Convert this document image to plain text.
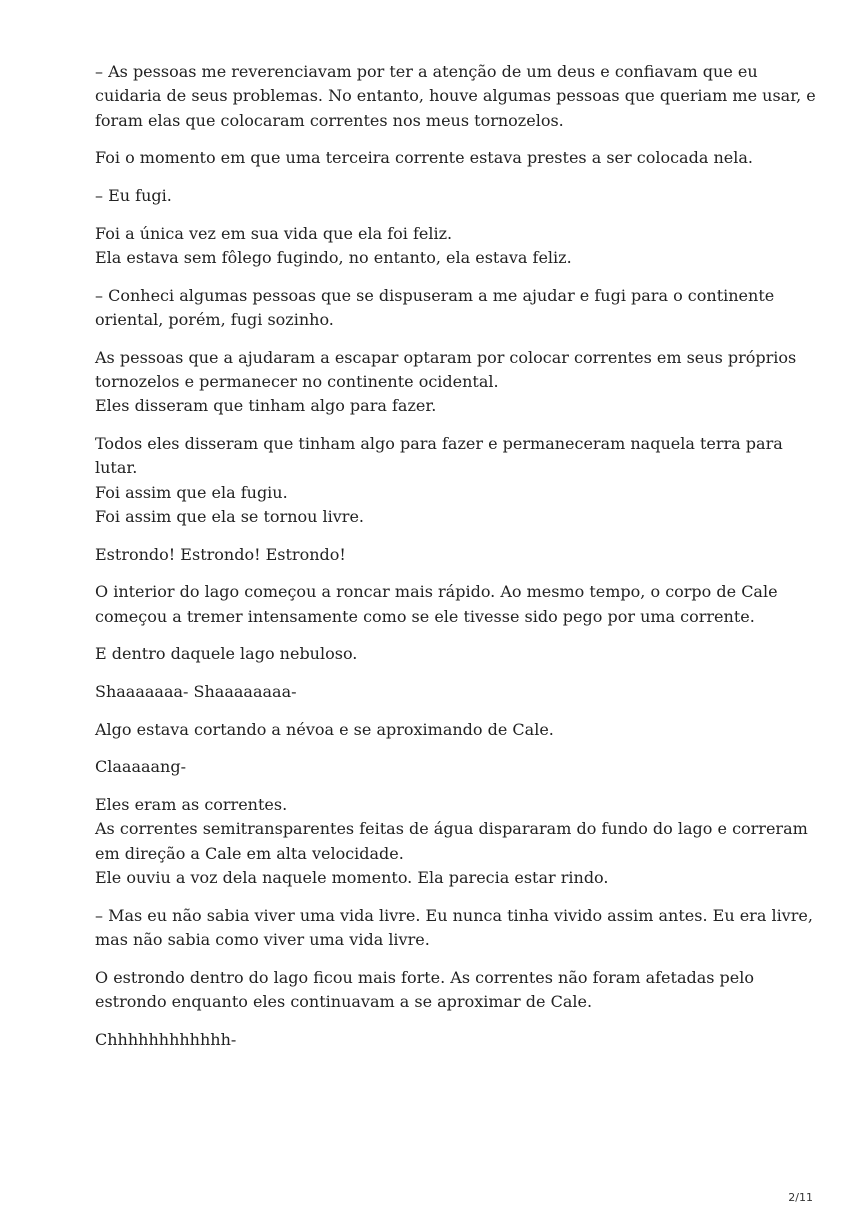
– As pessoas me reverenciavam por ter a atenção de um deus e confiavam que eu
cuidaria de seus problemas. No entanto, houve algumas pessoas que queriam me usar, e
foram elas que colocaram correntes nos meus tornozelos.

Foi o momento em que uma terceira corrente estava prestes a ser colocada nela.

– Eu fugi.

Foi a única vez em sua vida que ela foi feliz.
Ela estava sem fôlego fugindo, no entanto, ela estava feliz.

– Conheci algumas pessoas que se dispuseram a me ajudar e fugi para o continente
oriental, porém, fugi sozinho.

As pessoas que a ajudaram a escapar optaram por colocar correntes em seus próprios
tornozelos e permanecer no continente ocidental.
Eles disseram que tinham algo para fazer.

Todos eles disseram que tinham algo para fazer e permaneceram naquela terra para
lutar.
Foi assim que ela fugiu.
Foi assim que ela se tornou livre.

Estrondo! Estrondo! Estrondo!

O interior do lago começou a roncar mais rápido. Ao mesmo tempo, o corpo de Cale
começou a tremer intensamente como se ele tivesse sido pego por uma corrente.

E dentro daquele lago nebuloso.

Shaaaaaaa- Shaaaaaaaa-

Algo estava cortando a névoa e se aproximando de Cale.

Claaaaang-

Eles eram as correntes.
As correntes semitransparentes feitas de água dispararam do fundo do lago e correram
em direção a Cale em alta velocidade.
Ele ouviu a voz dela naquele momento. Ela parecia estar rindo.

– Mas eu não sabia viver uma vida livre. Eu nunca tinha vivido assim antes. Eu era livre,
mas não sabia como viver uma vida livre.

O estrondo dentro do lago ficou mais forte. As correntes não foram afetadas pelo
estrondo enquanto eles continuavam a se aproximar de Cale.

Chhhhhhhhhhhh-

2/11
